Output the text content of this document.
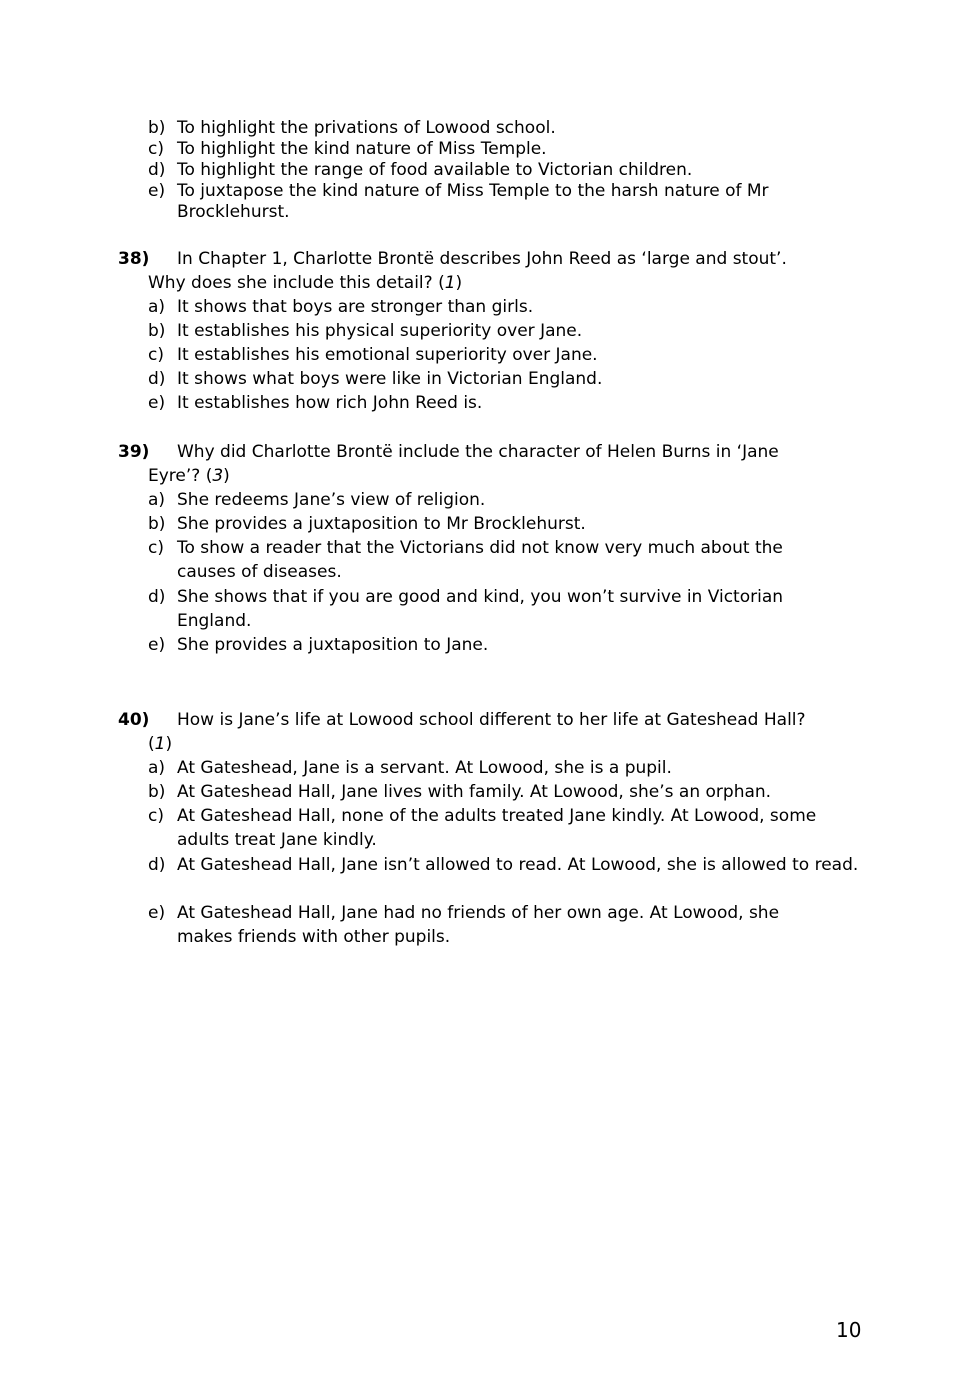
b) To highlight the privations of Lowood school.
c) To highlight the kind nature of Miss Temple.
d) To highlight the range of food available to Victorian children.
e) To juxtapose the kind nature of Miss Temple to the harsh nature of Mr Brocklehurst.
38) In Chapter 1, Charlotte Brontë describes John Reed as ‘large and stout’.
Why does she include this detail? (1)
a) It shows that boys are stronger than girls.
b) It establishes his physical superiority over Jane.
c) It establishes his emotional superiority over Jane.
d) It shows what boys were like in Victorian England.
e) It establishes how rich John Reed is.
39) Why did Charlotte Brontë include the character of Helen Burns in ‘Jane
Eyre’? (3)
a) She redeems Jane’s view of religion.
b) She provides a juxtaposition to Mr Brocklehurst.
c) To show a reader that the Victorians did not know very much about the causes of diseases.
d) She shows that if you are good and kind, you won’t survive in Victorian England.
e) She provides a juxtaposition to Jane.
40) How is Jane’s life at Lowood school different to her life at Gateshead Hall?
(1)
a) At Gateshead, Jane is a servant. At Lowood, she is a pupil.
b) At Gateshead Hall, Jane lives with family. At Lowood, she’s an orphan.
c) At Gateshead Hall, none of the adults treated Jane kindly. At Lowood, some adults treat Jane kindly.
d) At Gateshead Hall, Jane isn’t allowed to read. At Lowood, she is allowed to read.
e) At Gateshead Hall, Jane had no friends of her own age. At Lowood, she makes friends with other pupils.
10
